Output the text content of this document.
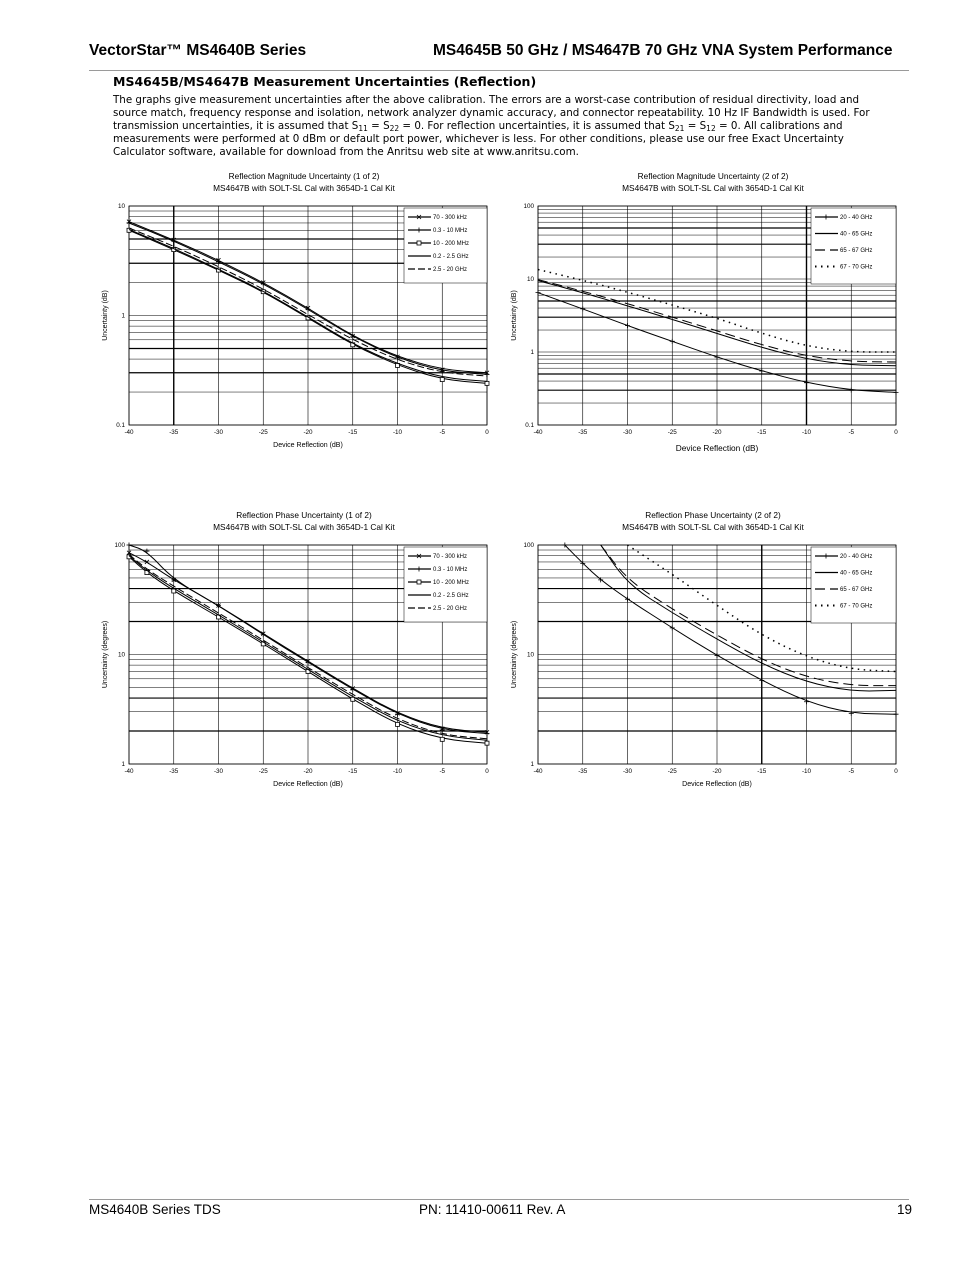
VectorStar™ MS4640B Series	MS4645B 50 GHz / MS4647B 70 GHz VNA System Performance
MS4645B/MS4647B Measurement Uncertainties (Reflection)
The graphs give measurement uncertainties after the above calibration. The errors are a worst-case contribution of residual directivity, load and
source match, frequency response and isolation, network analyzer dynamic accuracy, and connector repeatability. 10 Hz IF Bandwidth is used. For
transmission uncertainties, it is assumed that $S_{11} = S_{22} = 0$. For reflection uncertainties, it is assumed that $S_{21} = S_{12} = 0$. All calibrations and
measurements were performed at 0 dBm or default port power, whichever is less. For other conditions, please use our free Exact Uncertainty
Calculator software, available for download from the Anritsu web site at www.anritsu.com.
Reflection Magnitude Uncertainty (1 of 2)
MS4647B with SOLT-SL Cal with 3654D-1 Cal Kit
-40	-35	-30	-25	-20	-15	-10	-5	0
0.1
1
10
Device Reflection (dB)
Uncertainty (dB)
70 - 300 kHz
0.3 - 10 MHz
10 - 200 MHz
0.2 - 2.5 GHz
2.5 - 20 GHz
Reflection Magnitude Uncertainty (2 of 2)
MS4647B with SOLT-SL Cal with 3654D-1 Cal Kit
-40	-35	-30	-25	-20	-15	-10	-5	0
0.1
1
10
100
Device Reflection (dB)
Uncertainty (dB)
20 - 40 GHz
40 - 65 GHz
65 - 67 GHz
67 - 70 GHz
Reflection Phase Uncertainty (1 of 2)
MS4647B with SOLT-SL Cal with 3654D-1 Cal Kit
-40	-35	-30	-25	-20	-15	-10	-5	0
1
10
100
Device Reflection (dB)
Uncertainty (degrees)
70 - 300 kHz
0.3 - 10 MHz
10 - 200 MHz
0.2 - 2.5 GHz
2.5 - 20 GHz
Reflection Phase Uncertainty (2 of 2)
MS4647B with SOLT-SL Cal with 3654D-1 Cal Kit
-40	-35	-30	-25	-20	-15	-10	-5	0
1
10
100
Device Reflection (dB)
Uncertainty (degrees)
20 - 40 GHz
40 - 65 GHz
65 - 67 GHz
67 - 70 GHz
MS4640B Series TDS	PN: 11410-00611 Rev. A	19
